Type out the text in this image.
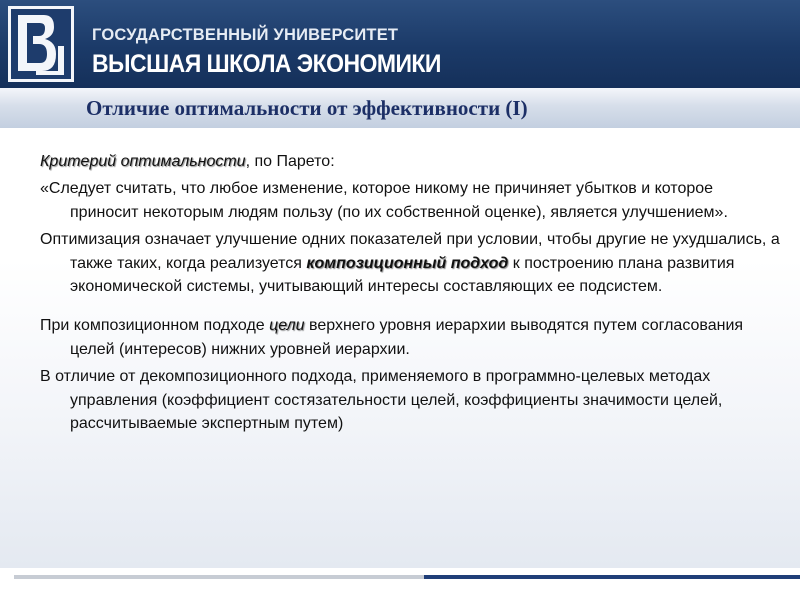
ГОСУДАРСТВЕННЫЙ УНИВЕРСИТЕТ
ВЫСШАЯ ШКОЛА ЭКОНОМИКИ
Отличие оптимальности от эффективности (I)

Критерий оптимальности, по Парето:

«Следует считать, что любое изменение, которое никому не причиняет убытков и которое приносит некоторым людям пользу (по их собственной оценке), является улучшением».

Оптимизация означает улучшение одних показателей при условии, чтобы другие не ухудшались, а также таких, когда реализуется композиционный подход к построению плана развития экономической системы, учитывающий интересы составляющих ее подсистем.

При композиционном подходе цели верхнего уровня иерархии выводятся путем согласования целей (интересов) нижних уровней иерархии.

В отличие от декомпозиционного подхода, применяемого в программно-целевых методах управления (коэффициент состязательности целей, коэффициенты значимости целей, рассчитываемые экспертным путем)
